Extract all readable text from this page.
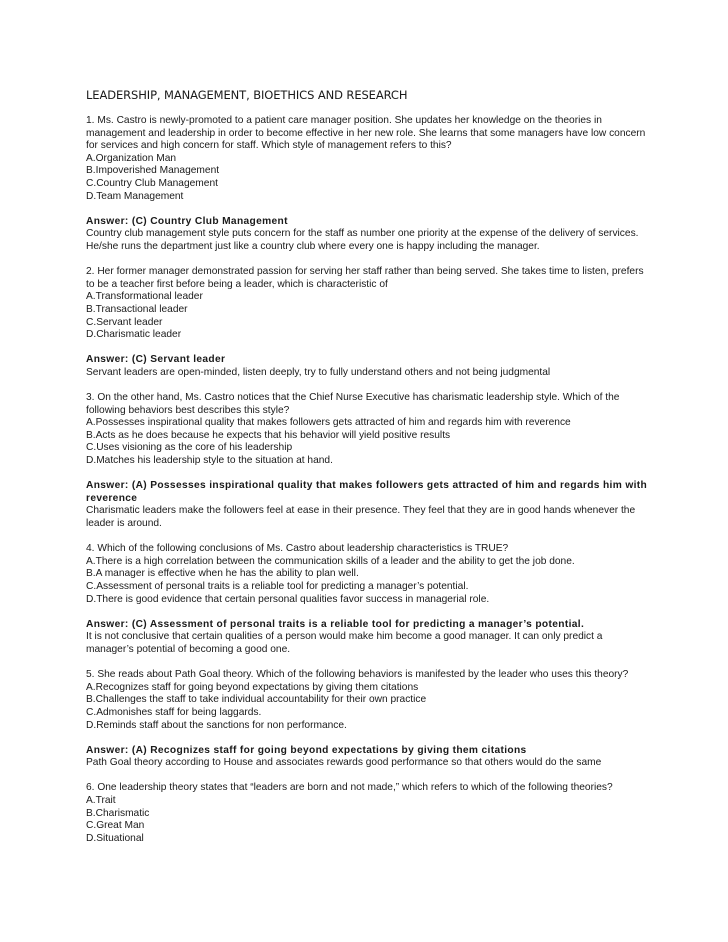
LEADERSHIP, MANAGEMENT, BIOETHICS AND RESEARCH

1. Ms. Castro is newly-promoted to a patient care manager position. She updates her knowledge on the theories in management and leadership in order to become effective in her new role. She learns that some managers have low concern for services and high concern for staff. Which style of management refers to this?

A.Organization Man
B.Impoverished Management
C.Country Club Management
D.Team Management
Answer: (C) Country Club Management

Country club management style puts concern for the staff as number one priority at the expense of the delivery of services. He/she runs the department just like a country club where every one is happy including the manager.

2. Her former manager demonstrated passion for serving her staff rather than being served. She takes time to listen, prefers to be a teacher first before being a leader, which is characteristic of

A.Transformational leader
B.Transactional leader
C.Servant leader
D.Charismatic leader
Answer: (C) Servant leader

Servant leaders are open-minded, listen deeply, try to fully understand others and not being judgmental

3. On the other hand, Ms. Castro notices that the Chief Nurse Executive has charismatic leadership style. Which of the following behaviors best describes this style?

A.Possesses inspirational quality that makes followers gets attracted of him and regards him with reverence
B.Acts as he does because he expects that his behavior will yield positive results
C.Uses visioning as the core of his leadership
D.Matches his leadership style to the situation at hand.
Answer: (A) Possesses inspirational quality that makes followers gets attracted of him and regards him with reverence

Charismatic leaders make the followers feel at ease in their presence. They feel that they are in good hands whenever the leader is around.

4. Which of the following conclusions of Ms. Castro about leadership characteristics is TRUE?

A.There is a high correlation between the communication skills of a leader and the ability to get the job done.
B.A manager is effective when he has the ability to plan well.
C.Assessment of personal traits is a reliable tool for predicting a manager’s potential.
D.There is good evidence that certain personal qualities favor success in managerial role.
Answer: (C) Assessment of personal traits is a reliable tool for predicting a manager’s potential.

It is not conclusive that certain qualities of a person would make him become a good manager. It can only predict a manager’s potential of becoming a good one.

5. She reads about Path Goal theory. Which of the following behaviors is manifested by the leader who uses this theory?

A.Recognizes staff for going beyond expectations by giving them citations
B.Challenges the staff to take individual accountability for their own practice
C.Admonishes staff for being laggards.
D.Reminds staff about the sanctions for non performance.
Answer: (A) Recognizes staff for going beyond expectations by giving them citations

Path Goal theory according to House and associates rewards good performance so that others would do the same

6. One leadership theory states that “leaders are born and not made,” which refers to which of the following theories?

A.Trait
B.Charismatic
C.Great Man
D.Situational
